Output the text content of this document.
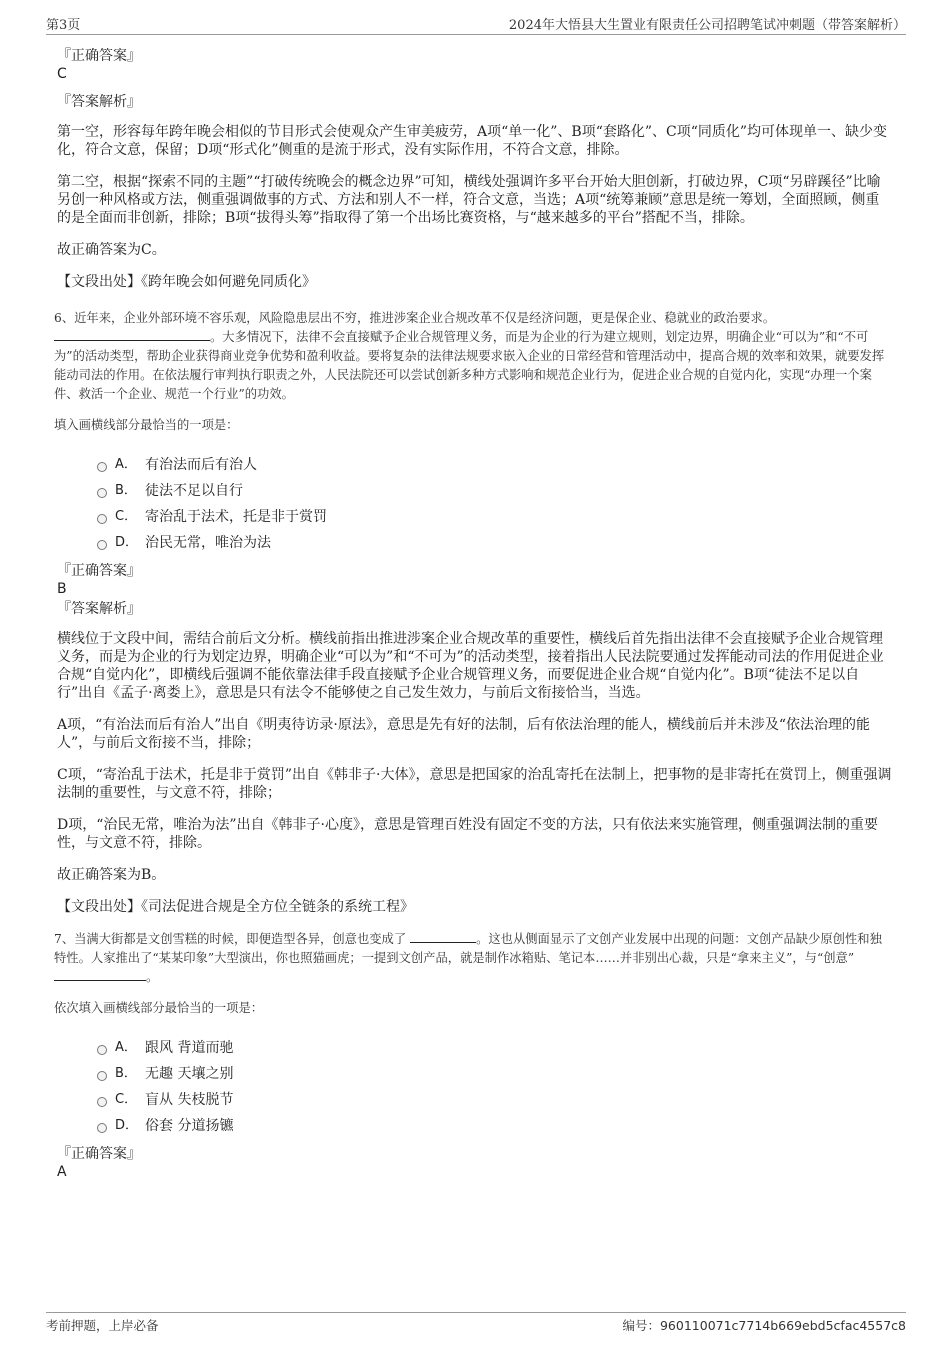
第3页	2024年大悟县大生置业有限责任公司招聘笔试冲刺题（带答案解析）

『正确答案』

C

『答案解析』

第一空，形容每年跨年晚会相似的节目形式会使观众产生审美疲劳，A项“单一化”、B项“套路化”、C项“同质化”均可体现单一、缺少变化，符合文意，保留；D项“形式化”侧重的是流于形式，没有实际作用，不符合文意，排除。

第二空，根据“探索不同的主题”“打破传统晚会的概念边界”可知，横线处强调许多平台开始大胆创新，打破边界，C项“另辟蹊径”比喻另创一种风格或方法，侧重强调做事的方式、方法和别人不一样，符合文意，当选；A项“统筹兼顾”意思是统一筹划，全面照顾，侧重的是全面而非创新，排除；B项“拔得头筹”指取得了第一个出场比赛资格，与“越来越多的平台”搭配不当，排除。

故正确答案为C。

【文段出处】《跨年晚会如何避免同质化》

6、近年来，企业外部环境不容乐观，风险隐患层出不穷，推进涉案企业合规改革不仅是经济问题，更是保企业、稳就业的政治要求。
。大多情况下，法律不会直接赋予企业合规管理义务，而是为企业的行为建立规则，划定边界，明确企业“可以为”和“不可为”的活动类型，帮助企业获得商业竞争优势和盈利收益。要将复杂的法律法规要求嵌入企业的日常经营和管理活动中，提高合规的效率和效果，就要发挥能动司法的作用。在依法履行审判执行职责之外，人民法院还可以尝试创新多种方式影响和规范企业行为，促进企业合规的自觉内化，实现“办理一个案件、救活一个企业、规范一个行业”的功效。

填入画横线部分最恰当的一项是：

A． 有治法而后有治人
B． 徒法不足以自行
C． 寄治乱于法术，托是非于赏罚
D． 治民无常，唯治为法

『正确答案』

B

『答案解析』

横线位于文段中间，需结合前后文分析。横线前指出推进涉案企业合规改革的重要性，横线后首先指出法律不会直接赋予企业合规管理义务，而是为企业的行为划定边界，明确企业“可以为”和“不可为”的活动类型，接着指出人民法院要通过发挥能动司法的作用促进企业合规“自觉内化”，即横线后强调不能依靠法律手段直接赋予企业合规管理义务，而要促进企业合规“自觉内化”。B项“徒法不足以自行”出自《孟子·离娄上》，意思是只有法令不能够使之自己发生效力，与前后文衔接恰当，当选。

A项，“有治法而后有治人”出自《明夷待访录·原法》，意思是先有好的法制，后有依法治理的能人，横线前后并未涉及“依法治理的能人”，与前后文衔接不当，排除；

C项，“寄治乱于法术，托是非于赏罚”出自《韩非子·大体》，意思是把国家的治乱寄托在法制上，把事物的是非寄托在赏罚上，侧重强调法制的重要性，与文意不符，排除；

D项，“治民无常，唯治为法”出自《韩非子·心度》，意思是管理百姓没有固定不变的方法，只有依法来实施管理，侧重强调法制的重要性，与文意不符，排除。

故正确答案为B。

【文段出处】《司法促进合规是全方位全链条的系统工程》

7、当满大街都是文创雪糕的时候，即便造型各异，创意也变成了	。这也从侧面显示了文创产业发展中出现的问题：文创产品缺少原创性和独特性。人家推出了“某某印象”大型演出，你也照猫画虎；一提到文创产品，就是制作冰箱贴、笔记本……并非别出心裁，只是“拿来主义”，与“创意” 。

依次填入画横线部分最恰当的一项是：

A． 跟风 背道而驰
B． 无趣 天壤之别
C． 盲从 失枝脱节
D． 俗套 分道扬镳

『正确答案』

A

考前押题，上岸必备	编号：960110071c7714b669ebd5cfac4557c8
